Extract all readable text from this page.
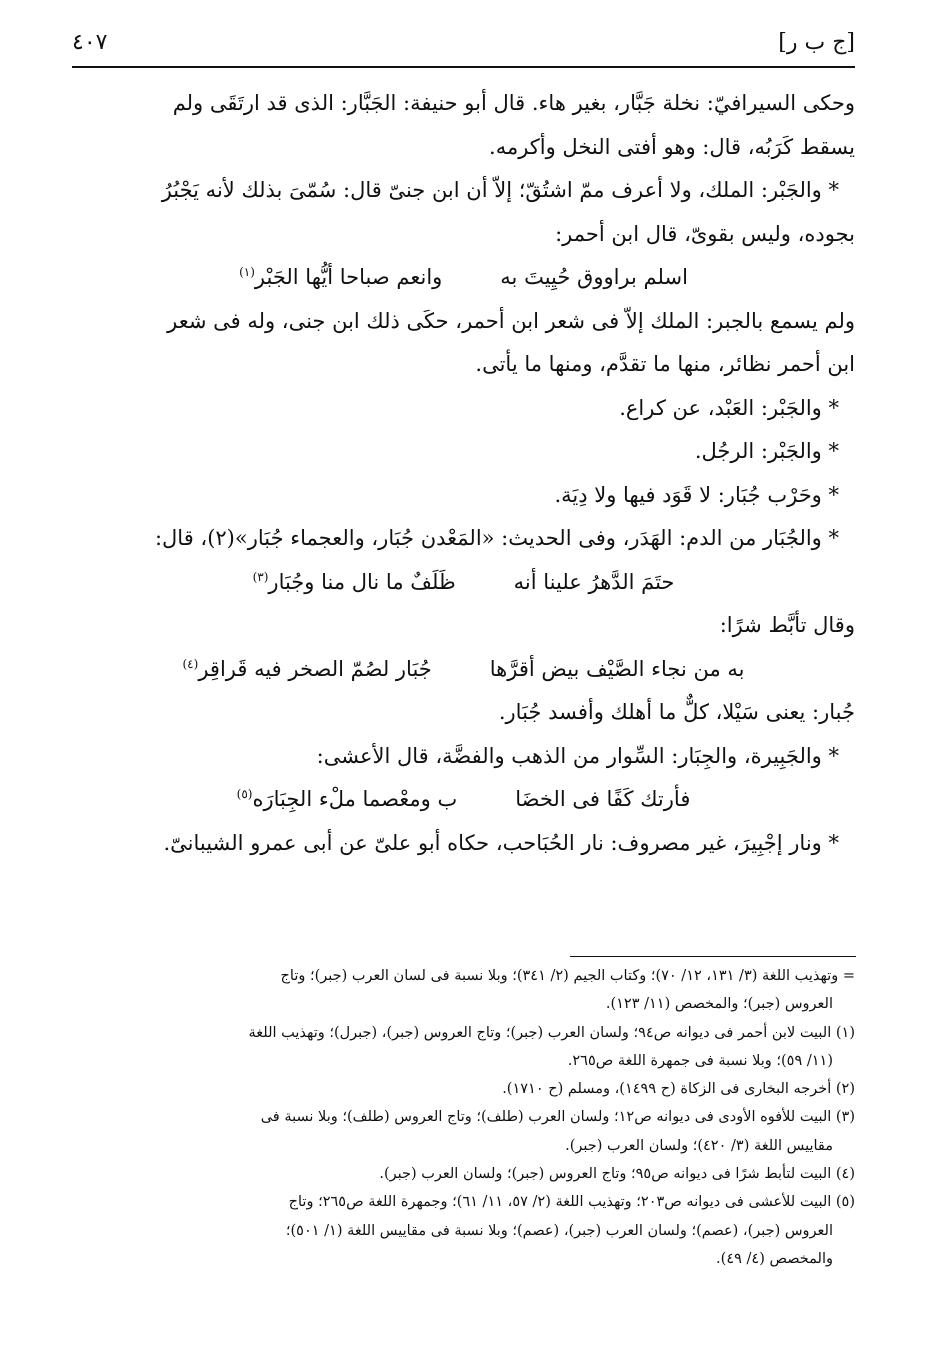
[ج ب ر]
٤٠٧
وحكى السيرافيّ: نخلة جَبَّار، بغير هاء. قال أبو حنيفة: الجَبَّار: الذى قد ارتَقَى ولم
يسقط كَرَبُه، قال: وهو أفتى النخل وأكرمه.
* والجَبْر: الملك، ولا أعرف ممّ اشتُقّ؛ إلاّ أن ابن جنىّ قال: سُمّىَ بذلك لأنه يَجْبُرُ
بجوده، وليس بقوىّ، قال ابن أحمر:
اسلم براووق حُيِيتَ به
وانعم صباحا أيُّها الجَبْر(١)
ولم يسمع بالجبر: الملك إلاّ فى شعر ابن أحمر، حكَى ذلك ابن جنى، وله فى شعر
ابن أحمر نظائر، منها ما تقدَّم، ومنها ما يأتى.
* والجَبْر: العَبْد، عن كراع.
* والجَبْر: الرجُل.
* وحَرْب جُبَار: لا قَوَد فيها ولا دِيَة.
* والجُبَار من الدم: الهَدَر، وفى الحديث: «المَعْدن جُبَار، والعجماء جُبَار»(٢)، قال:
حتَمَ الدَّهرُ علينا أنه
ظَلَفٌ ما نال منا وجُبَار(٣)
وقال تأبَّط شرًا:
به من نجاء الصَّيْف بيض أقرَّها
جُبَار لصُمّ الصخر فيه قَراقِر(٤)
جُبار: يعنى سَيْلا، كلٌّ ما أهلك وأفسد جُبَار.
* والجَبِيرة، والجِبَار: السِّوار من الذهب والفضَّة، قال الأعشى:
فأرتك كَفًا فى الخضَا
ب ومعْصما ملْء الجِبَارَه(٥)
* ونار إجْبِيرَ، غير مصروف: نار الحُبَاحب، حكاه أبو علىّ عن أبى عمرو الشيبانىّ.
= وتهذيب اللغة (٣/ ١٣١، ١٢/ ٧٠)؛ وكتاب الجيم (٢/ ٣٤١)؛ وبلا نسبة فى لسان العرب (جبر)؛ وتاج
العروس (جبر)؛ والمخصص (١١/ ١٢٣).
(١) البيت لابن أحمر فى ديوانه ص٩٤؛ ولسان العرب (جبر)؛ وتاج العروس (جبر)، (جبرل)؛ وتهذيب اللغة
(١١/ ٥٩)؛ وبلا نسبة فى جمهرة اللغة ص٢٦٥.
(٢) أخرجه البخارى فى الزكاة (ح ١٤٩٩)، ومسلم (ح ١٧١٠).
(٣) البيت للأفوه الأودى فى ديوانه ص١٢؛ ولسان العرب (طلف)؛ وتاج العروس (طلف)؛ وبلا نسبة فى
مقاييس اللغة (٣/ ٤٢٠)؛ ولسان العرب (جبر).
(٤) البيت لتأبط شرًا فى ديوانه ص٩٥؛ وتاج العروس (جبر)؛ ولسان العرب (جبر).
(٥) البيت للأعشى فى ديوانه ص٢٠٣؛ وتهذيب اللغة (٢/ ٥٧، ١١/ ٦١)؛ وجمهرة اللغة ص٢٦٥؛ وتاج
العروس (جبر)، (عصم)؛ ولسان العرب (جبر)، (عصم)؛ وبلا نسبة فى مقاييس اللغة (١/ ٥٠١)؛
والمخصص (٤/ ٤٩).
